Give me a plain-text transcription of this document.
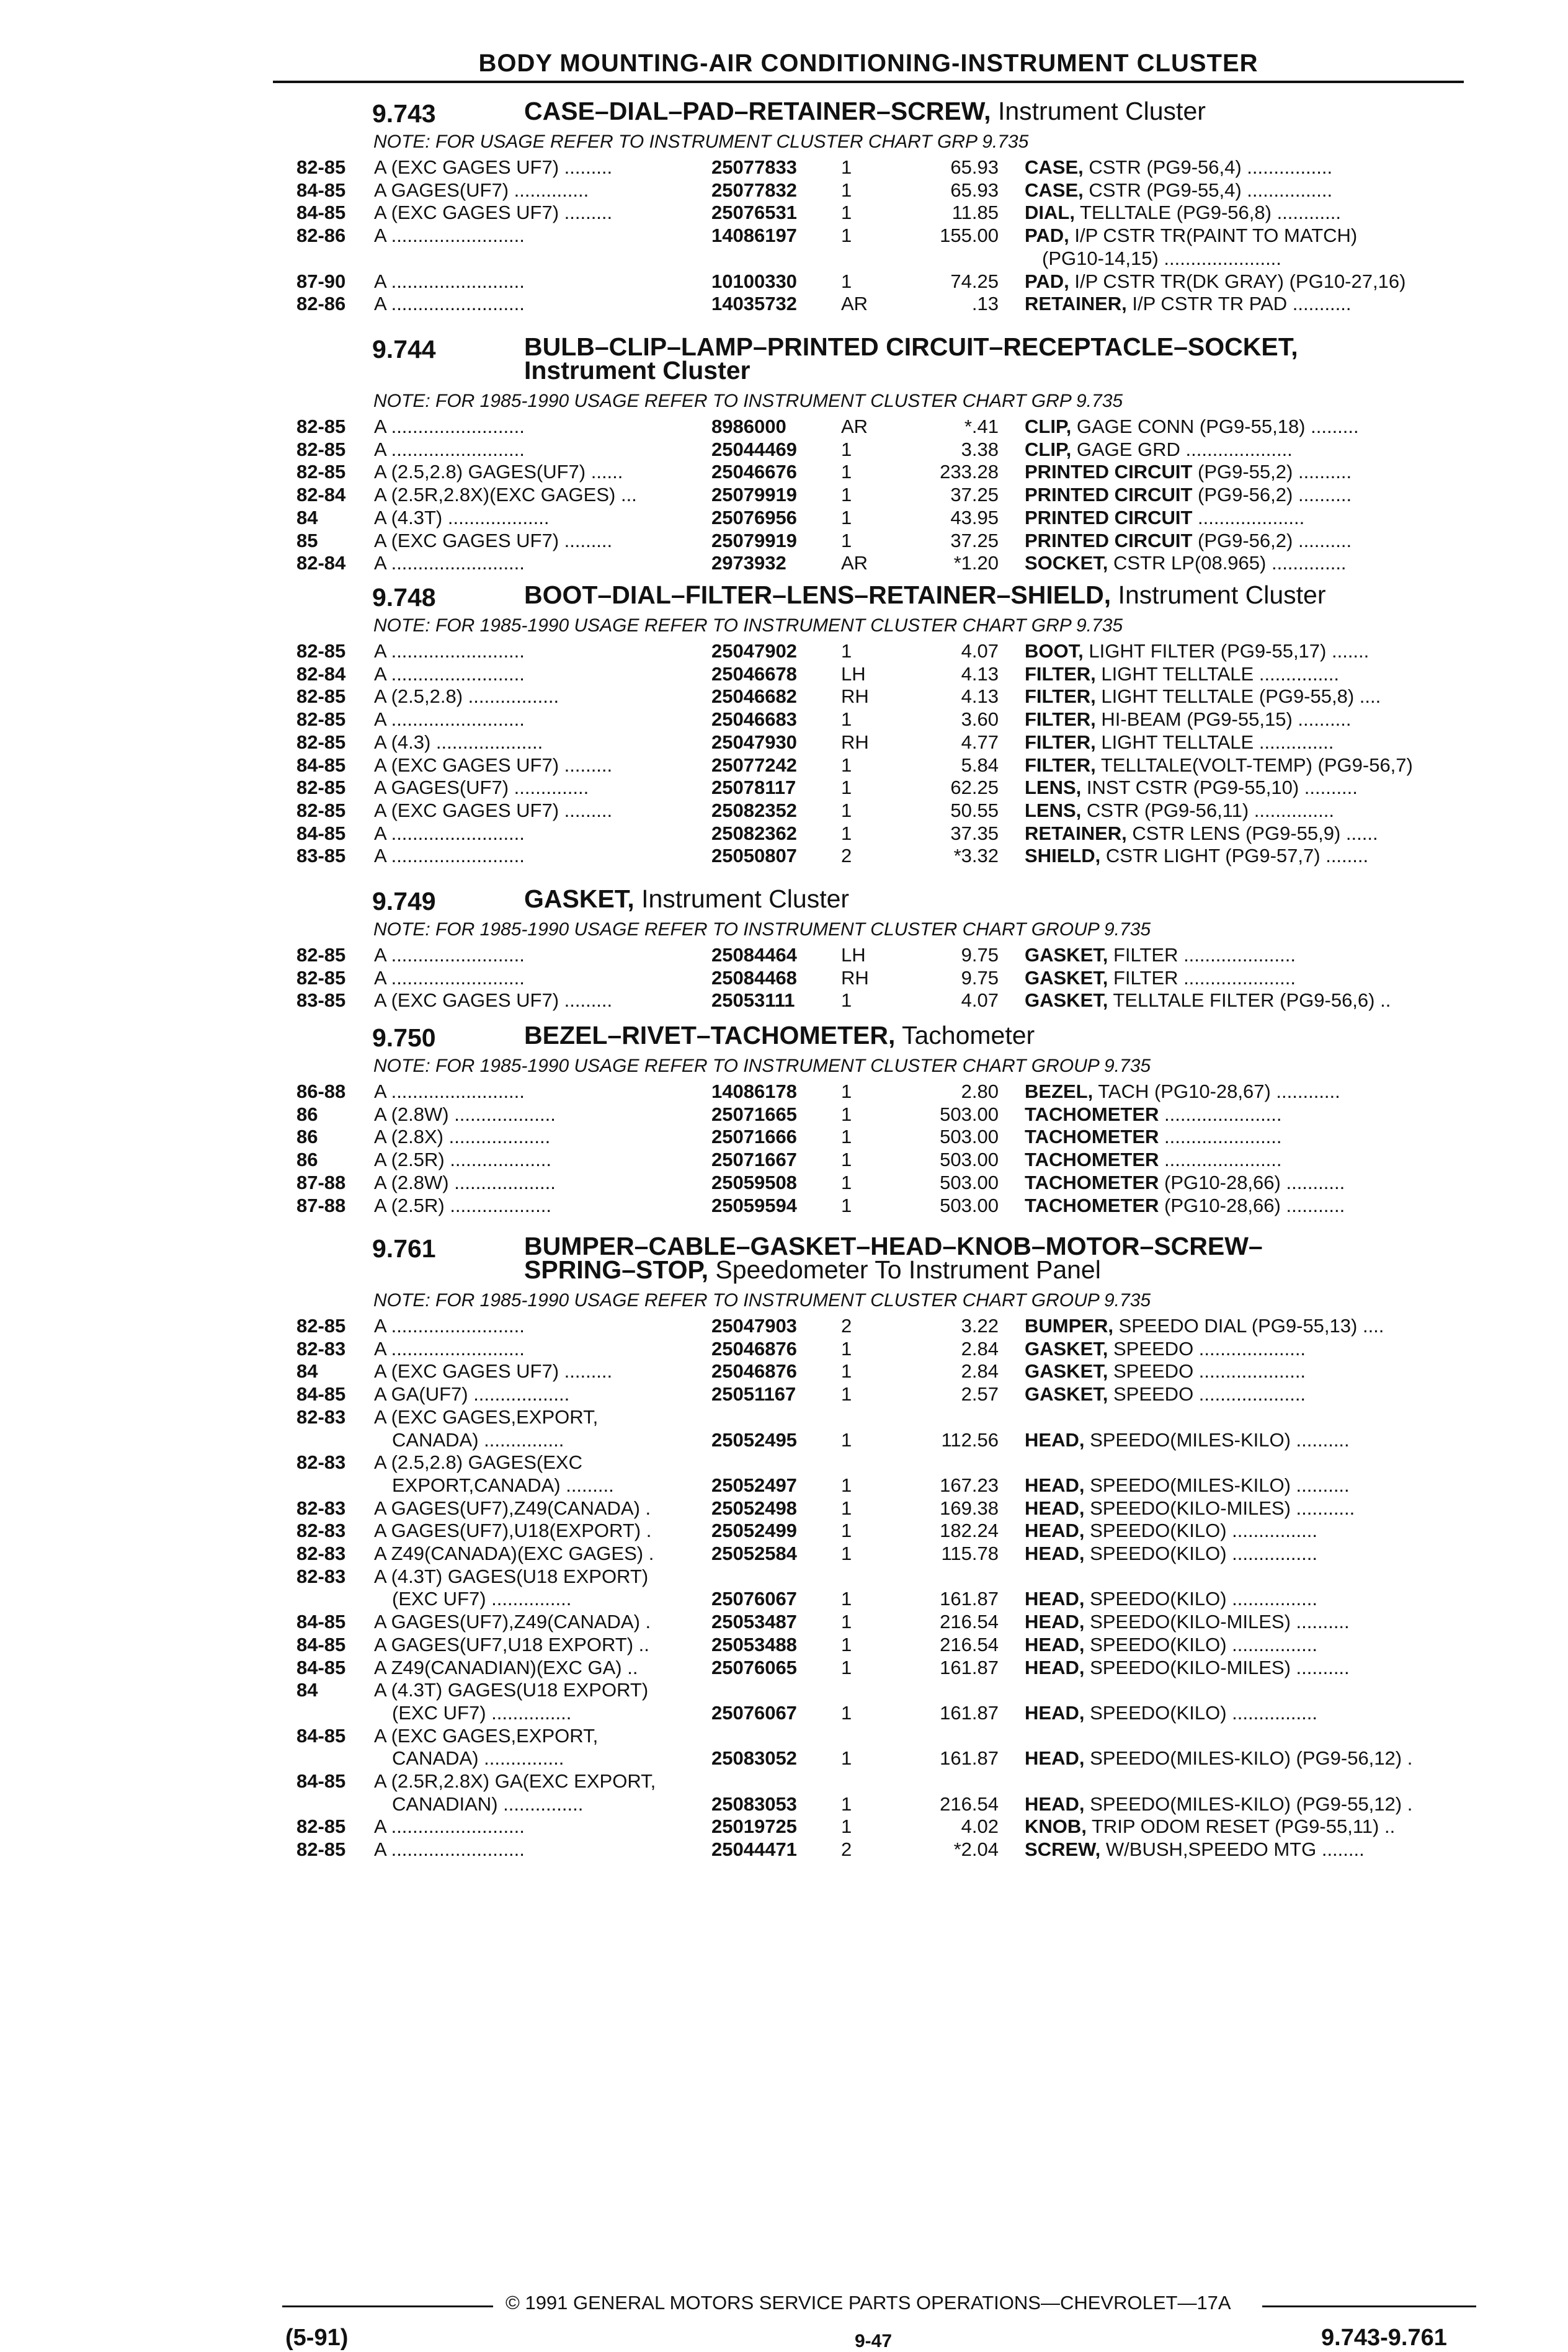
BODY MOUNTING-AIR CONDITIONING-INSTRUMENT CLUSTER
9.743	CASE–DIAL–PAD–RETAINER–SCREW, Instrument Cluster
NOTE: FOR USAGE REFER TO INSTRUMENT CLUSTER CHART GRP 9.735
82-85 A (EXC GAGES UF7) .........	25077833 1	65.93 CASE, CSTR (PG9-56,4) ................
84-85 A GAGES(UF7) ..............	25077832 1	65.93 CASE, CSTR (PG9-55,4) ................
84-85 A (EXC GAGES UF7) .........	25076531 1	11.85 DIAL, TELLTALE (PG9-56,8) ............
82-86 A .........................	14086197 1	155.00 PAD, I/P CSTR TR(PAINT TO MATCH)
(PG10-14,15) ......................
87-90 A .........................	10100330 1	74.25 PAD, I/P CSTR TR(DK GRAY) (PG10-27,16)
82-86 A .........................	14035732 AR	.13 RETAINER, I/P CSTR TR PAD ...........
9.744	BULB–CLIP–LAMP–PRINTED CIRCUIT–RECEPTACLE–SOCKET,
Instrument Cluster
NOTE: FOR 1985-1990 USAGE REFER TO INSTRUMENT CLUSTER CHART GRP 9.735
82-85 A .........................	8986000	AR	*.41 CLIP, GAGE CONN (PG9-55,18) .........
82-85 A .........................	25044469 1	3.38 CLIP, GAGE GRD ....................
82-85 A (2.5,2.8) GAGES(UF7) ......	25046676 1	233.28 PRINTED CIRCUIT (PG9-55,2) ..........
82-84 A (2.5R,2.8X)(EXC GAGES) ...	25079919 1	37.25 PRINTED CIRCUIT (PG9-56,2) ..........
84	A (4.3T) ...................	25076956 1	43.95 PRINTED CIRCUIT ....................
85	A (EXC GAGES UF7) .........	25079919 1	37.25 PRINTED CIRCUIT (PG9-56,2) ..........
82-84 A .........................	2973932	AR	*1.20 SOCKET, CSTR LP(08.965) ..............
9.748	BOOT–DIAL–FILTER–LENS–RETAINER–SHIELD, Instrument Cluster
NOTE: FOR 1985-1990 USAGE REFER TO INSTRUMENT CLUSTER CHART GRP 9.735
82-85 A .........................	25047902 1	4.07 BOOT, LIGHT FILTER (PG9-55,17) .......
82-84 A .........................	25046678 LH	4.13 FILTER, LIGHT TELLTALE ...............
82-85 A (2.5,2.8) .................	25046682 RH	4.13 FILTER, LIGHT TELLTALE (PG9-55,8) ....
82-85 A .........................	25046683 1	3.60 FILTER, HI-BEAM (PG9-55,15) ..........
82-85 A (4.3) ....................	25047930 RH	4.77 FILTER, LIGHT TELLTALE ..............
84-85 A (EXC GAGES UF7) .........	25077242 1	5.84 FILTER, TELLTALE(VOLT-TEMP) (PG9-56,7)
82-85 A GAGES(UF7) ..............	25078117 1	62.25 LENS, INST CSTR (PG9-55,10) ..........
82-85 A (EXC GAGES UF7) .........	25082352 1	50.55 LENS, CSTR (PG9-56,11) ...............
84-85 A .........................	25082362 1	37.35 RETAINER, CSTR LENS (PG9-55,9) ......
83-85 A .........................	25050807 2	*3.32 SHIELD, CSTR LIGHT (PG9-57,7) ........
9.749	GASKET, Instrument Cluster
NOTE: FOR 1985-1990 USAGE REFER TO INSTRUMENT CLUSTER CHART GROUP 9.735
82-85 A .........................	25084464 LH	9.75 GASKET, FILTER .....................
82-85 A .........................	25084468 RH	9.75 GASKET, FILTER .....................
83-85 A (EXC GAGES UF7) .........	25053111 1	4.07 GASKET, TELLTALE FILTER (PG9-56,6) ..
9.750	BEZEL–RIVET–TACHOMETER, Tachometer
NOTE: FOR 1985-1990 USAGE REFER TO INSTRUMENT CLUSTER CHART GROUP 9.735
86-88 A .........................	14086178 1	2.80 BEZEL, TACH (PG10-28,67) ............
86	A (2.8W) ...................	25071665 1	503.00 TACHOMETER ......................
86	A (2.8X) ...................	25071666 1	503.00 TACHOMETER ......................
86	A (2.5R) ...................	25071667 1	503.00 TACHOMETER ......................
87-88 A (2.8W) ...................	25059508 1	503.00 TACHOMETER (PG10-28,66) ...........
87-88 A (2.5R) ...................	25059594 1	503.00 TACHOMETER (PG10-28,66) ...........
9.761	BUMPER–CABLE–GASKET–HEAD–KNOB–MOTOR–SCREW–
SPRING–STOP, Speedometer To Instrument Panel
NOTE: FOR 1985-1990 USAGE REFER TO INSTRUMENT CLUSTER CHART GROUP 9.735
82-85 A .........................	25047903 2	3.22 BUMPER, SPEEDO DIAL (PG9-55,13) ....
82-83 A .........................	25046876 1	2.84 GASKET, SPEEDO ....................
84	A (EXC GAGES UF7) .........	25046876 1	2.84 GASKET, SPEEDO ....................
84-85 A GA(UF7) ..................	25051167 1	2.57 GASKET, SPEEDO ....................
82-83 A (EXC GAGES,EXPORT,
CANADA) ...............	25052495 1	112.56 HEAD, SPEEDO(MILES-KILO) ..........
82-83 A (2.5,2.8) GAGES(EXC
EXPORT,CANADA) .........	25052497 1	167.23 HEAD, SPEEDO(MILES-KILO) ..........
82-83 A GAGES(UF7),Z49(CANADA) .	25052498 1	169.38 HEAD, SPEEDO(KILO-MILES) ...........
82-83 A GAGES(UF7),U18(EXPORT) .	25052499 1	182.24 HEAD, SPEEDO(KILO) ................
82-83 A Z49(CANADA)(EXC GAGES) .	25052584 1	115.78 HEAD, SPEEDO(KILO) ................
82-83 A (4.3T) GAGES(U18 EXPORT)
(EXC UF7) ...............	25076067 1	161.87 HEAD, SPEEDO(KILO) ................
84-85 A GAGES(UF7),Z49(CANADA) .	25053487 1	216.54 HEAD, SPEEDO(KILO-MILES) ..........
84-85 A GAGES(UF7,U18 EXPORT) ..	25053488 1	216.54 HEAD, SPEEDO(KILO) ................
84-85 A Z49(CANADIAN)(EXC GA) ..	25076065 1	161.87 HEAD, SPEEDO(KILO-MILES) ..........
84	A (4.3T) GAGES(U18 EXPORT)
(EXC UF7) ...............	25076067 1	161.87 HEAD, SPEEDO(KILO) ................
84-85 A (EXC GAGES,EXPORT,
CANADA) ...............	25083052 1	161.87 HEAD, SPEEDO(MILES-KILO) (PG9-56,12) .
84-85 A (2.5R,2.8X) GA(EXC EXPORT,
CANADIAN) ...............	25083053 1	216.54 HEAD, SPEEDO(MILES-KILO) (PG9-55,12) .
82-85 A .........................	25019725 1	4.02 KNOB, TRIP ODOM RESET (PG9-55,11) ..
82-85 A .........................	25044471 2	*2.04 SCREW, W/BUSH,SPEEDO MTG ........
© 1991 GENERAL MOTORS SERVICE PARTS OPERATIONS—CHEVROLET—17A
(5-91)	9-47	9.743-9.761
